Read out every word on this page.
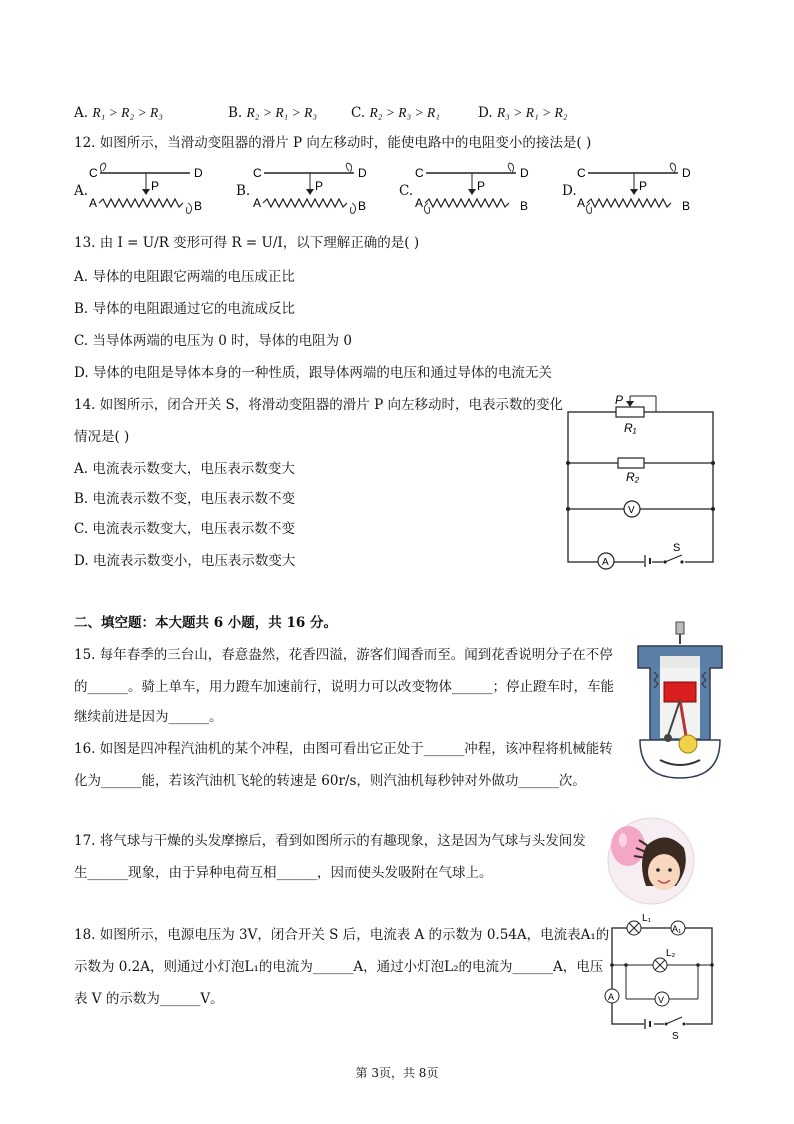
A. R₁ > R₂ > R₃	B. R₂ > R₁ > R₃	C. R₂ > R₃ > R₁	D. R₃ > R₁ > R₂
12. 如图所示，当滑动变阻器的滑片 P 向左移动时，能使电路中的电阻变小的接法是( )
A.	B.	C.	D.
C	D
P
A	B
C	D
P
A	B
C	D
P
A	B
C	D
P
A	B
13. 由 I = U/R 变形可得 R = U/I，以下理解正确的是( )
A. 导体的电阻跟它两端的电压成正比
B. 导体的电阻跟通过它的电流成反比
C. 当导体两端的电压为 0 时，导体的电阻为 0
D. 导体的电阻是导体本身的一种性质，跟导体两端的电压和通过导体的电流无关
14. 如图所示，闭合开关 S，将滑动变阻器的滑片 P 向左移动时，电表示数的变化
情况是( )
A. 电流表示数变大，电压表示数变大
B. 电流表示数不变，电压表示数不变
C. 电流表示数变大，电压表示数不变
D. 电流表示数变小，电压表示数变大
P
R₁
R₂
V
A
S
二、填空题：本大题共 6 小题，共 16 分。
15. 每年春季的三台山，春意盎然，花香四溢，游客们闻香而至。闻到花香说明分子在不停
的______。骑上单车，用力蹬车加速前行，说明力可以改变物体______；停止蹬车时，车能
继续前进是因为______。
16. 如图是四冲程汽油机的某个冲程，由图可看出它正处于______冲程，该冲程将机械能转
化为______能，若该汽油机飞轮的转速是 60r/s，则汽油机每秒钟对外做功______次。
17. 将气球与干燥的头发摩擦后，看到如图所示的有趣现象，这是因为气球与头发间发
生______现象，由于异种电荷互相______，因而使头发吸附在气球上。
18. 如图所示，电源电压为 3V，闭合开关 S 后，电流表 A 的示数为 0.54A，电流表A₁的
示数为 0.2A，则通过小灯泡L₁的电流为______A，通过小灯泡L₂的电流为______A，电压
表 V 的示数为______V。
L₁
A₁
L₂
V
A
S
第 3页，共 8页
